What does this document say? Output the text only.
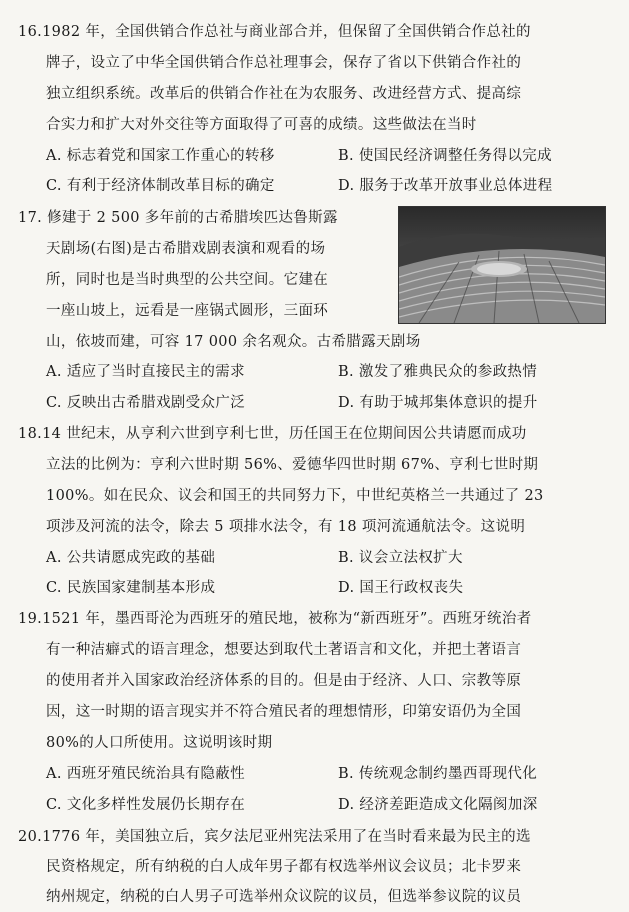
16.1982 年，全国供销合作总社与商业部合并，但保留了全国供销合作总社的
牌子，设立了中华全国供销合作总社理事会，保存了省以下供销合作社的
独立组织系统。改革后的供销合作社在为农服务、改进经营方式、提高综
合实力和扩大对外交往等方面取得了可喜的成绩。这些做法在当时
A. 标志着党和国家工作重心的转移	B. 使国民经济调整任务得以完成
C. 有利于经济体制改革目标的确定	D. 服务于改革开放事业总体进程
17. 修建于 2 500 多年前的古希腊埃匹达鲁斯露
天剧场(右图)是古希腊戏剧表演和观看的场
所，同时也是当时典型的公共空间。它建在
一座山坡上，远看是一座锅式圆形，三面环
山，依坡而建，可容 17 000 余名观众。古希腊露天剧场
A. 适应了当时直接民主的需求	B. 激发了雅典民众的参政热情
C. 反映出古希腊戏剧受众广泛	D. 有助于城邦集体意识的提升
18.14 世纪末，从亨利六世到亨利七世，历任国王在位期间因公共请愿而成功
立法的比例为：亨利六世时期 56%、爱德华四世时期 67%、亨利七世时期
100%。如在民众、议会和国王的共同努力下，中世纪英格兰一共通过了 23
项涉及河流的法令，除去 5 项排水法令，有 18 项河流通航法令。这说明
A. 公共请愿成宪政的基础	B. 议会立法权扩大
C. 民族国家建制基本形成	D. 国王行政权丧失
19.1521 年，墨西哥沦为西班牙的殖民地，被称为“新西班牙”。西班牙统治者
有一种洁癖式的语言理念，想要达到取代土著语言和文化，并把土著语言
的使用者并入国家政治经济体系的目的。但是由于经济、人口、宗教等原
因，这一时期的语言现实并不符合殖民者的理想情形，印第安语仍为全国
80%的人口所使用。这说明该时期
A. 西班牙殖民统治具有隐蔽性	B. 传统观念制约墨西哥现代化
C. 文化多样性发展仍长期存在	D. 经济差距造成文化隔阂加深
20.1776 年，美国独立后，宾夕法尼亚州宪法采用了在当时看来最为民主的选
民资格规定，所有纳税的白人成年男子都有权选举州议会议员；北卡罗来
纳州规定，纳税的白人男子可选举州众议院的议员，但选举参议院的议员
